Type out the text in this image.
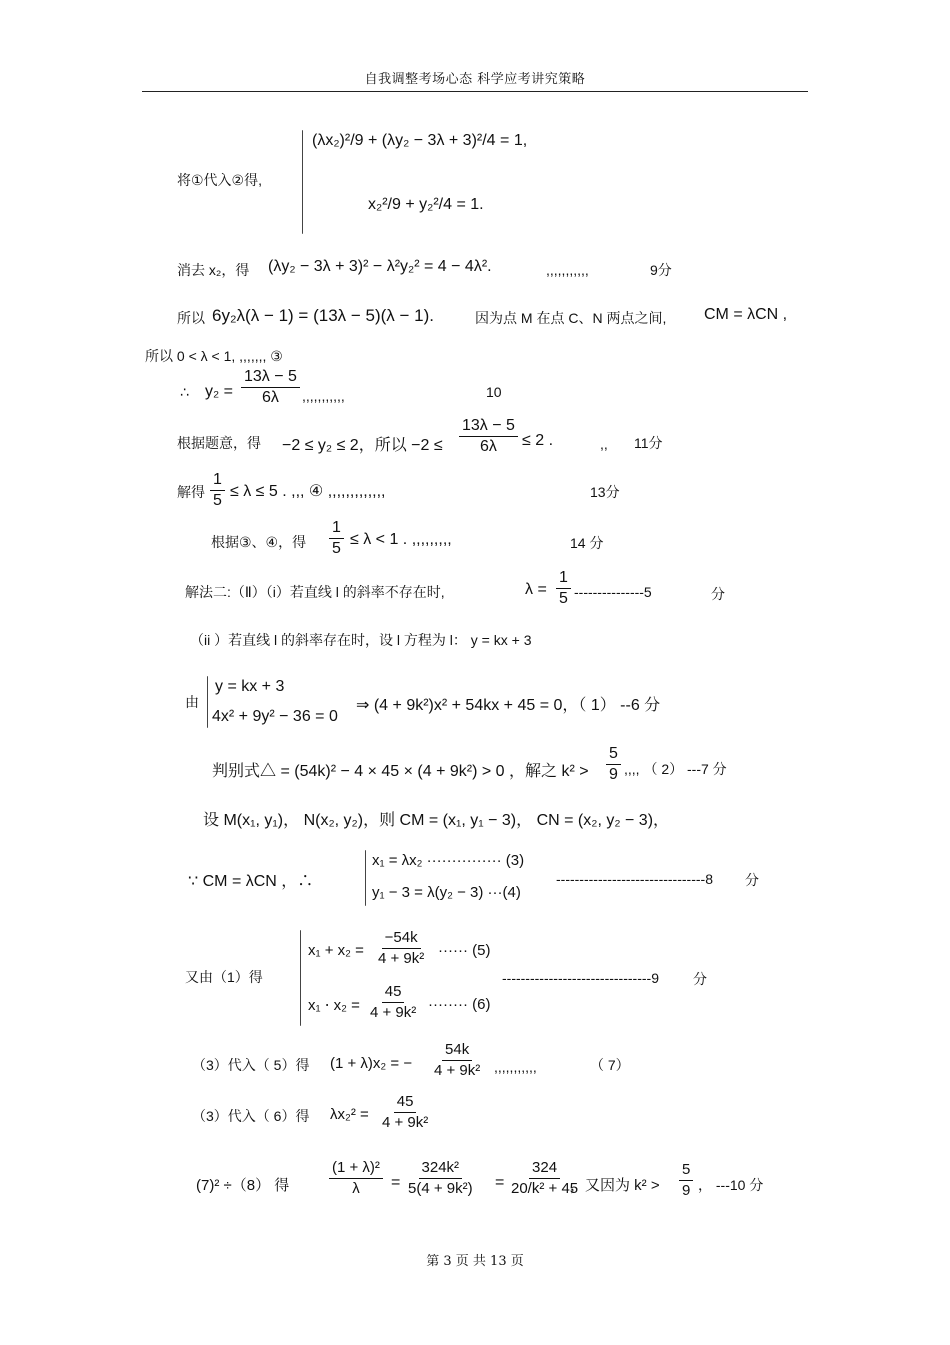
自我调整考场心态 科学应考讲究策略
将①代入②得,
(λx₂)²/9 + (λy₂ − 3λ + 3)²/4 = 1,
x₂²/9 + y₂²/4 = 1.
消去 x₂，得 (λy₂ − 3λ + 3)² − λ²y₂² = 4 − 4λ².	,,,,,,,,,,,	9分
所以 6y₂λ(λ − 1) = (13λ − 5)(λ − 1).	因为点 M 在点 C、N 两点之间, CM = λCN ,
所以 0 < λ < 1, ,,,,,,, ③
∴ $y_2 = \frac{13\lambda - 5}{6\lambda}$ ,,,,,,,,,,,	10
根据题意，得 −2 ≤ y₂ ≤ 2，所以 $-2 \le \frac{13\lambda - 5}{6\lambda} \le 2$ .	,, 11分
解得 $\frac{1}{5} \le \lambda \le 5$ . ,,, ④ ,,,,,,,,,,,,,	13分
根据③、④，得 $\frac{1}{5} \le \lambda < 1$ . ,,,,,,,,,	14 分
解法二:（Ⅱ）（i）若直线 l 的斜率不存在时,	$\lambda = \frac{1}{5} ---------------5$	分
（ii ）若直线 l 的斜率存在时，设 l 方程为 l： y = kx + 3
由
y = kx + 3
4x² + 9y² − 36 = 0
⇒ (4 + 9k²)x² + 54kx + 45 = 0，（ 1） --6 分
判别式△ = (54k)² − 4 × 45 × (4 + 9k²) > 0 ，解之 $k^2 > \frac{5}{9}$ ,,,, （ 2） ---7 分
设 M(x₁, y₁)， N(x₂, y₂)，则 CM = (x₁, y₁ − 3)， CN = (x₂, y₂ − 3)，
∵ CM = λCN ，∴
x₁ = λx₂ ··············· (3)
y₁ − 3 = λ(y₂ − 3) ···(4)
--------------------------------8 分
又由（1）得
$x_1 + x_2 = \frac{-54k}{\text{4 + 9k²}}$ ······ (5)
$x_1 \cdot x_2 = \frac{45}{\text{4 + 9k²}}$ ········ (6)
--------------------------------9 分
（3）代入（ 5）得 (1 + λ)x₂ = − $\frac{54k}{\text{4 + 9k²}}$ ,,,,,,,,,,,	（ 7）
（3）代入（ 6）得 $\lambda x_2^2 = \frac{45}{\text{4 + 9k²}}$
(7)² ÷（8） 得	$\frac{\text{(1 + λ)²}}{\lambda} = \frac{\text{324k²}}{\text{5(4 + 9k²)}} = \frac{324}{\text{20/k² + 45}}$
，又因为 $k^2 > \frac{5}{9}$ ， ---10 分
第 3 页 共 13 页
